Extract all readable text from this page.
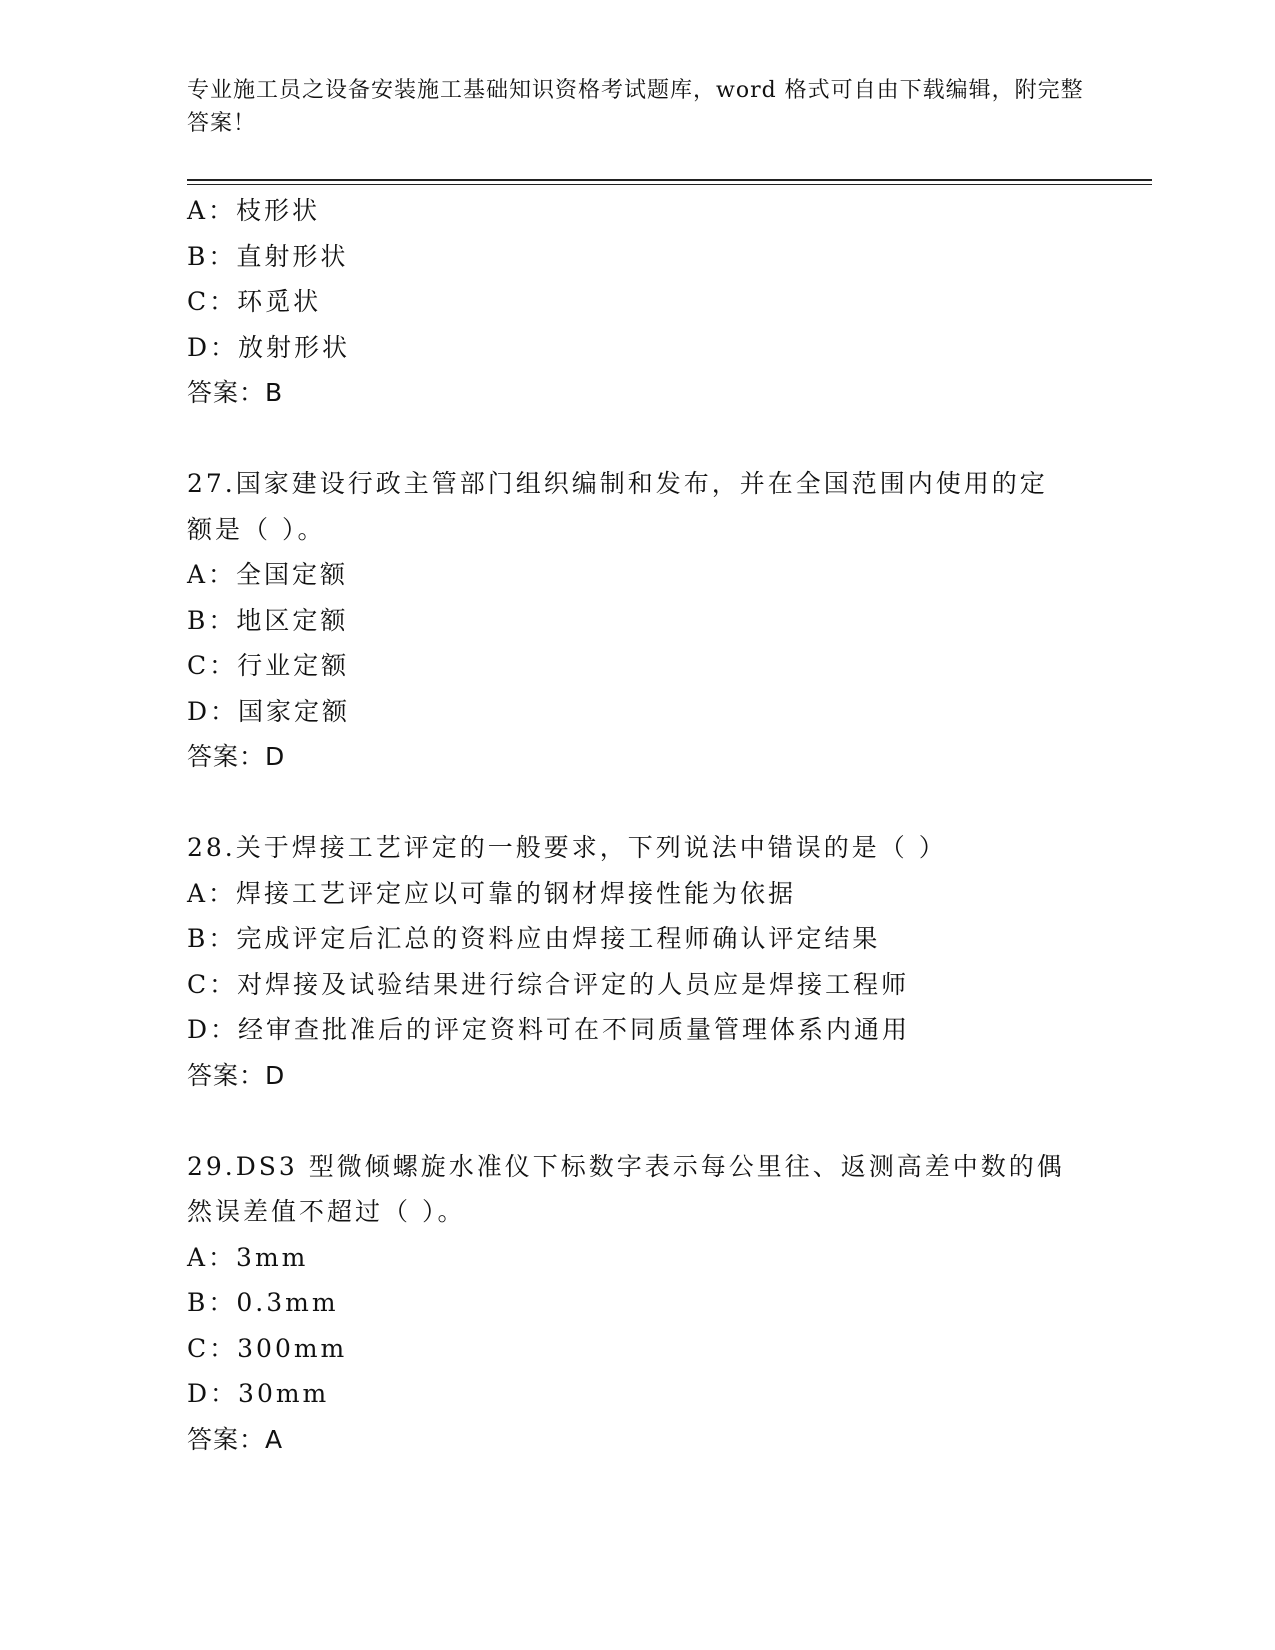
专业施工员之设备安装施工基础知识资格考试题库，word 格式可自由下载编辑，附完整答案！
A：枝形状
B：直射形状
C：环觅状
D：放射形状
答案：B
27.国家建设行政主管部门组织编制和发布，并在全国范围内使用的定额是（ ）。
A：全国定额
B：地区定额
C：行业定额
D：国家定额
答案：D
28.关于焊接工艺评定的一般要求，下列说法中错误的是（ ）
A：焊接工艺评定应以可靠的钢材焊接性能为依据
B：完成评定后汇总的资料应由焊接工程师确认评定结果
C：对焊接及试验结果进行综合评定的人员应是焊接工程师
D：经审查批准后的评定资料可在不同质量管理体系内通用
答案：D
29.DS3 型微倾螺旋水准仪下标数字表示每公里往、返测高差中数的偶然误差值不超过（ ）。
A：3mm
B：0.3mm
C：300mm
D：30mm
答案：A
